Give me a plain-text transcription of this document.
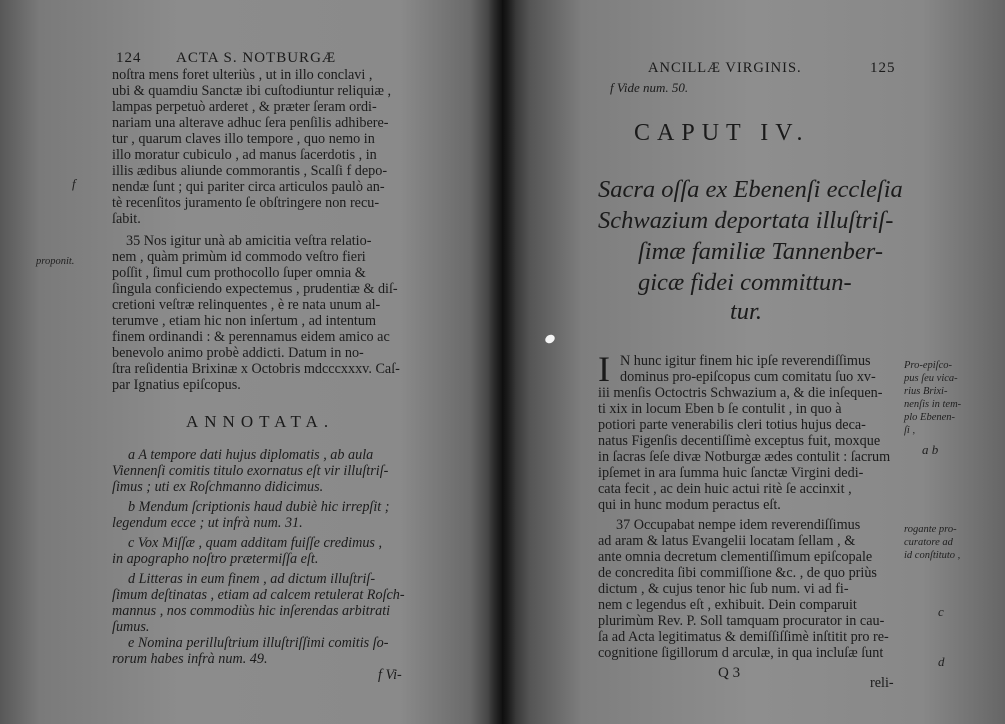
124 ACTA S. NOTBURGÆ
noſtra mens foret ulteriùs , ut in illo conclavi ,
ubi & quamdiu Sanctæ ibi cuſtodiuntur reliquiæ ,
lampas perpetuò arderet , & præter ſeram ordi-
nariam una alterave adhuc ſera penſilis adhibere-
tur , quarum claves illo tempore , quo nemo in
illo moratur cubiculo , ad manus ſacerdotis , in
illis ædibus aliunde commorantis , Scalſi f depo-
nendæ ſunt ; qui pariter circa articulos paulò an-
tè recenſitos juramento ſe obſtringere non recu-
ſabit.
35 Nos igitur unà ab amicitia veſtra relatio-
nem , quàm primùm id commodo veſtro fieri
poſſit , ſimul cum prothocollo ſuper omnia &
ſingula conficiendo expectemus , prudentiæ & diſ-
cretioni veſtræ relinquentes , è re nata unum al-
terumve , etiam hic non inſertum , ad intentum
finem ordinandi : & perennamus eidem amico ac
benevolo animo probè addicti. Datum in no-
ſtra reſidentia Brixinæ x Octobris mdcccxxxv. Caſ-
par Ignatius epiſcopus.
f
proponit.
ANNOTATA.
a A tempore dati hujus diplomatis , ab aula
Viennenſi comitis titulo exornatus eſt vir illuſtriſ-
ſimus ; uti ex Roſchmanno didicimus.
b Mendum ſcriptionis haud dubiè hic irrepſit ;
legendum ecce ; ut infrà num. 31.
c Vox Miſſæ , quam additam fuiſſe credimus ,
in apographo noſtro prætermiſſa eſt.
d Litteras in eum finem , ad dictum illuſtriſ-
ſimum deſtinatas , etiam ad calcem retulerat Roſch-
mannus , nos commodiùs hic inſerendas arbitrati
ſumus.
e Nomina perilluſtrium illuſtriſſimi comitis ſo-
rorum habes infrà num. 49.
f Vi-
ANCILLÆ VIRGINIS.	125
f Vide num. 50.
CAPUT IV.
Sacra oſſa ex Ebenenſi eccleſia
Schwazium deportata illuſtriſ-
ſimæ familiæ Tannenber-
gicæ fidei committun-
tur.
I N hunc igitur finem hic ipſe reverendiſſimus
dominus pro-epiſcopus cum comitatu ſuo xv-
iii menſis Octoctris Schwazium a, & die inſequen-
ti xix in locum Eben b ſe contulit , in quo à
potiori parte venerabilis cleri totius hujus deca-
natus Figenſis decentiſſimè exceptus fuit, moxque
in ſacras ſeſe divæ Notburgæ ædes contulit : ſacrum
ipſemet in ara ſumma huic ſanctæ Virgini dedi-
cata fecit , ac dein huic actui ritè ſe accinxit ,
qui in hunc modum peractus eſt.
37 Occupabat nempe idem reverendiſſimus
ad aram & latus Evangelii locatam ſellam , &
ante omnia decretum clementiſſimum epiſcopale
de concredita ſibi commiſſione &c. , de quo priùs
dictum , & cujus tenor hic ſub num. vi ad fi-
nem c legendus eſt , exhibuit. Dein comparuit
plurimùm Rev. P. Soll tamquam procurator in cau-
ſa ad Acta legitimatus & demiſſiſſimè inſtitit pro re-
cognitione ſigillorum d arculæ, in qua incluſæ ſunt
Pro-epiſco-
pus ſeu vica-
rius Brixi-
nenſis in tem-
plo Ebenen-
ſi ,
a b
rogante pro-
curatore ad
id conſtituto ,
c
d
Q 3
reli-
